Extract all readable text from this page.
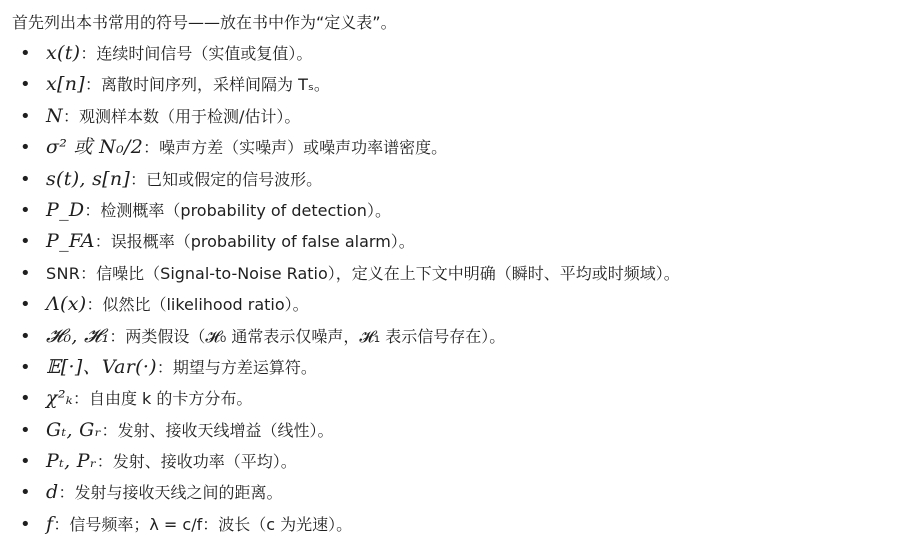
首先列出本书常用的符号——放在书中作为“定义表”。

• x(t)：连续时间信号（实值或复值）。
• x[n]：离散时间序列，采样间隔为 Tₛ。
• N：观测样本数（用于检测/估计）。
• σ² 或 N₀/2：噪声方差（实噪声）或噪声功率谱密度。
• s(t), s[n]：已知或假定的信号波形。
• P_D：检测概率（probability of detection）。
• P_FA：误报概率（probability of false alarm）。
• SNR：信噪比（Signal-to-Noise Ratio），定义在上下文中明确（瞬时、平均或时频域）。
• Λ(x)：似然比（likelihood ratio）。
• 𝓗₀, 𝓗₁：两类假设（𝓗₀ 通常表示仅噪声，𝓗₁ 表示信号存在）。
• 𝔼[·]、Var(·)：期望与方差运算符。
• χ²ₖ：自由度 k 的卡方分布。
• Gₜ, Gᵣ：发射、接收天线增益（线性）。
• Pₜ, Pᵣ：发射、接收功率（平均）。
• d：发射与接收天线之间的距离。
• f：信号频率；λ = c/f：波长（c 为光速）。
